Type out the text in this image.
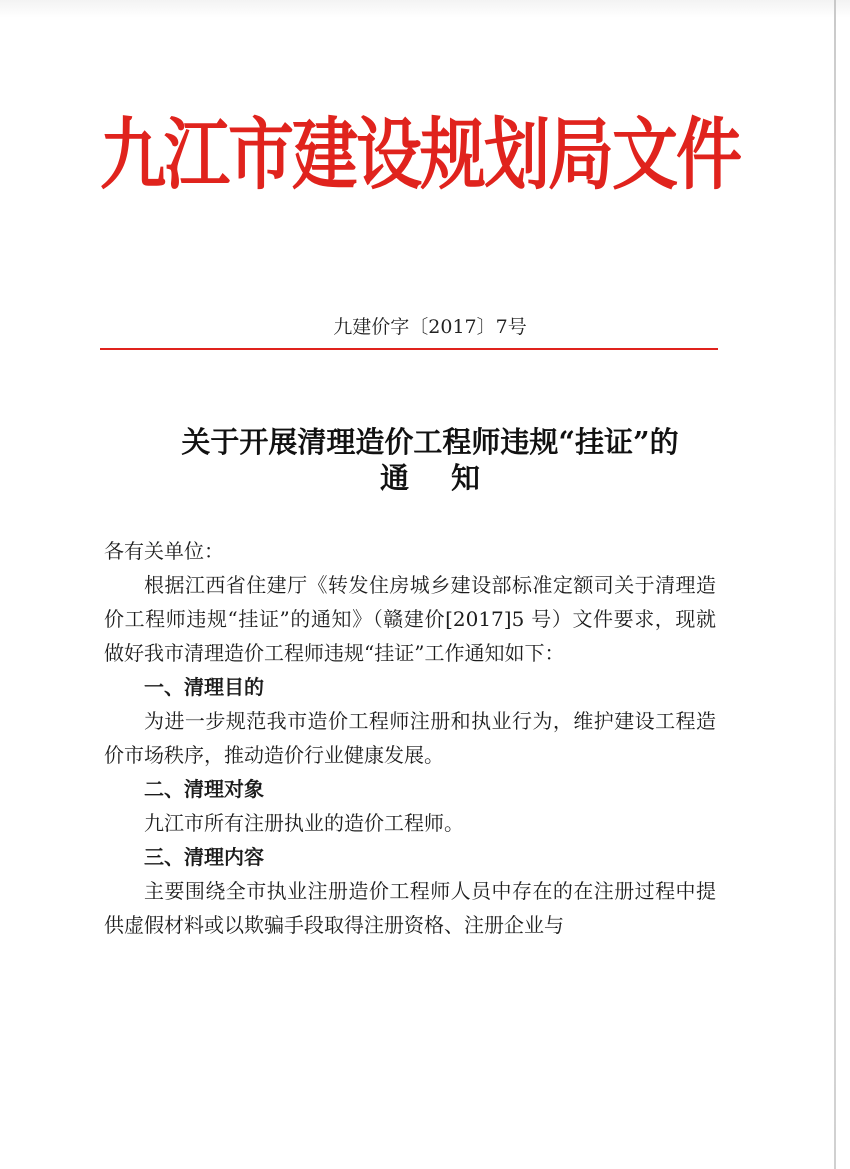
九江市建设规划局文件
九建价字〔2017〕7号
关于开展清理造价工程师违规“挂证”的
通知

各有关单位：

根据江西省住建厅《转发住房城乡建设部标准定额司关于清理造价工程师违规“挂证”的通知》（赣建价[2017]5 号）文件要求，现就做好我市清理造价工程师违规“挂证”工作通知如下：

一、清理目的

为进一步规范我市造价工程师注册和执业行为，维护建设工程造价市场秩序，推动造价行业健康发展。

二、清理对象

九江市所有注册执业的造价工程师。

三、清理内容

主要围绕全市执业注册造价工程师人员中存在的在注册过程中提供虚假材料或以欺骗手段取得注册资格、注册企业与
